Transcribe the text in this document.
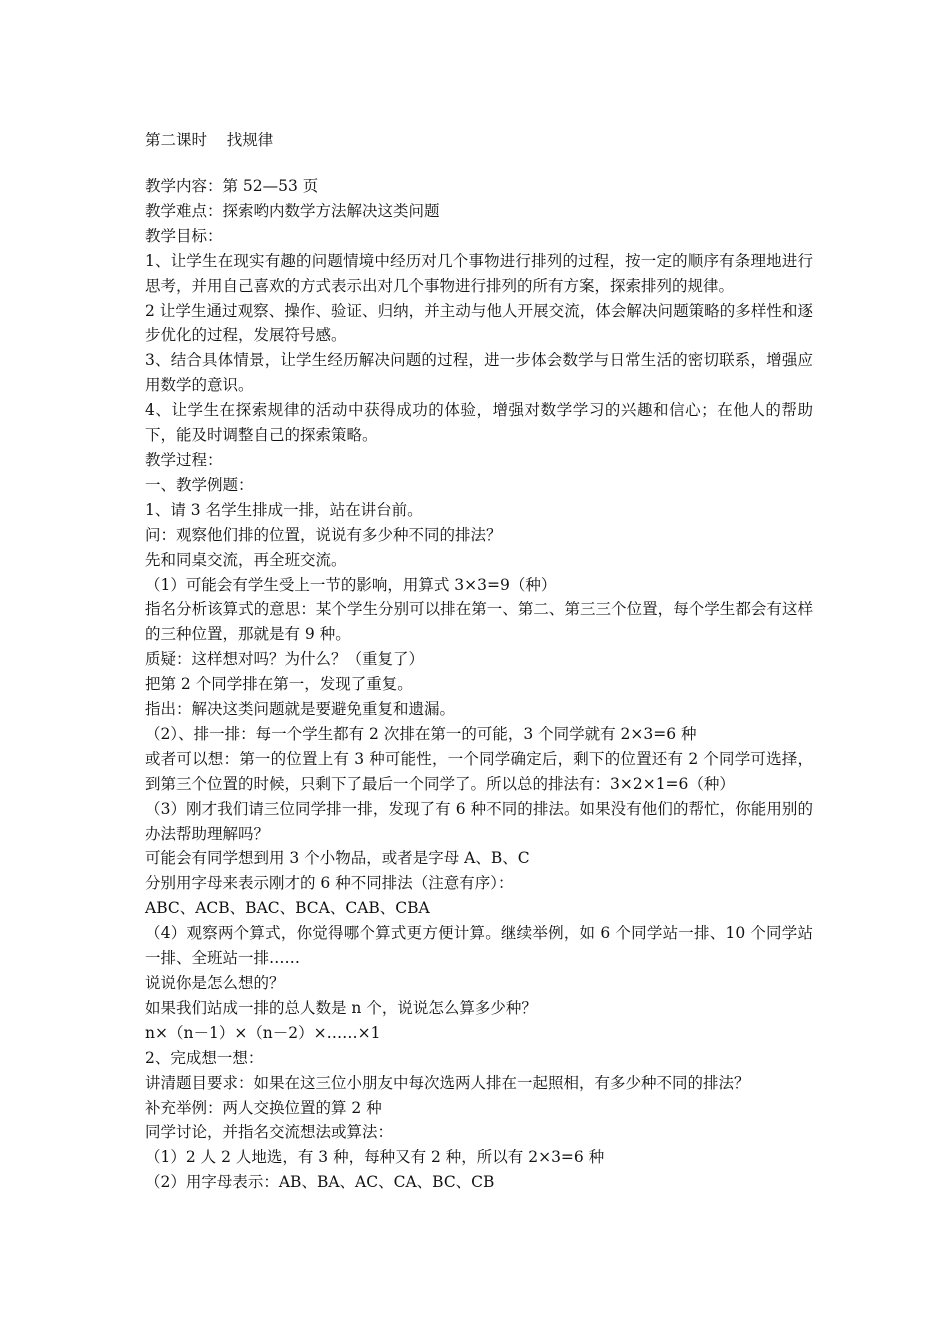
第二课时    找规律
教学内容：第 52—53 页
教学难点：探索哟内数学方法解决这类问题
教学目标：
1、让学生在现实有趣的问题情境中经历对几个事物进行排列的过程，按一定的顺序有条理地进行思考，并用自己喜欢的方式表示出对几个事物进行排列的所有方案，探索排列的规律。
2 让学生通过观察、操作、验证、归纳，并主动与他人开展交流，体会解决问题策略的多样性和逐步优化的过程，发展符号感。
3、结合具体情景，让学生经历解决问题的过程，进一步体会数学与日常生活的密切联系，增强应用数学的意识。
4、让学生在探索规律的活动中获得成功的体验，增强对数学学习的兴趣和信心；在他人的帮助下，能及时调整自己的探索策略。
教学过程：
一、教学例题：
1、请 3 名学生排成一排，站在讲台前。
问：观察他们排的位置，说说有多少种不同的排法？
先和同桌交流，再全班交流。
（1）可能会有学生受上一节的影响，用算式 3×3=9（种）
指名分析该算式的意思：某个学生分别可以排在第一、第二、第三三个位置，每个学生都会有这样的三种位置，那就是有 9 种。
质疑：这样想对吗？为什么？（重复了）
把第 2 个同学排在第一，发现了重复。
指出：解决这类问题就是要避免重复和遗漏。
（2）、排一排：每一个学生都有 2 次排在第一的可能，3 个同学就有 2×3=6 种
或者可以想：第一的位置上有 3 种可能性，一个同学确定后，剩下的位置还有 2 个同学可选择，到第三个位置的时候，只剩下了最后一个同学了。所以总的排法有：3×2×1=6（种）
（3）刚才我们请三位同学排一排，发现了有 6 种不同的排法。如果没有他们的帮忙，你能用别的办法帮助理解吗？
可能会有同学想到用 3 个小物品，或者是字母 A、B、C
分别用字母来表示刚才的 6 种不同排法（注意有序）：
ABC、ACB、BAC、BCA、CAB、CBA
（4）观察两个算式，你觉得哪个算式更方便计算。继续举例，如 6 个同学站一排、10 个同学站一排、全班站一排……
说说你是怎么想的？
如果我们站成一排的总人数是 n 个，说说怎么算多少种？
n×（n－1）×（n－2）×……×1
2、完成想一想：
讲清题目要求：如果在这三位小朋友中每次选两人排在一起照相，有多少种不同的排法？
补充举例：两人交换位置的算 2 种
同学讨论，并指名交流想法或算法：
（1）2 人 2 人地选，有 3 种，每种又有 2 种，所以有 2×3=6 种
（2）用字母表示：AB、BA、AC、CA、BC、CB
